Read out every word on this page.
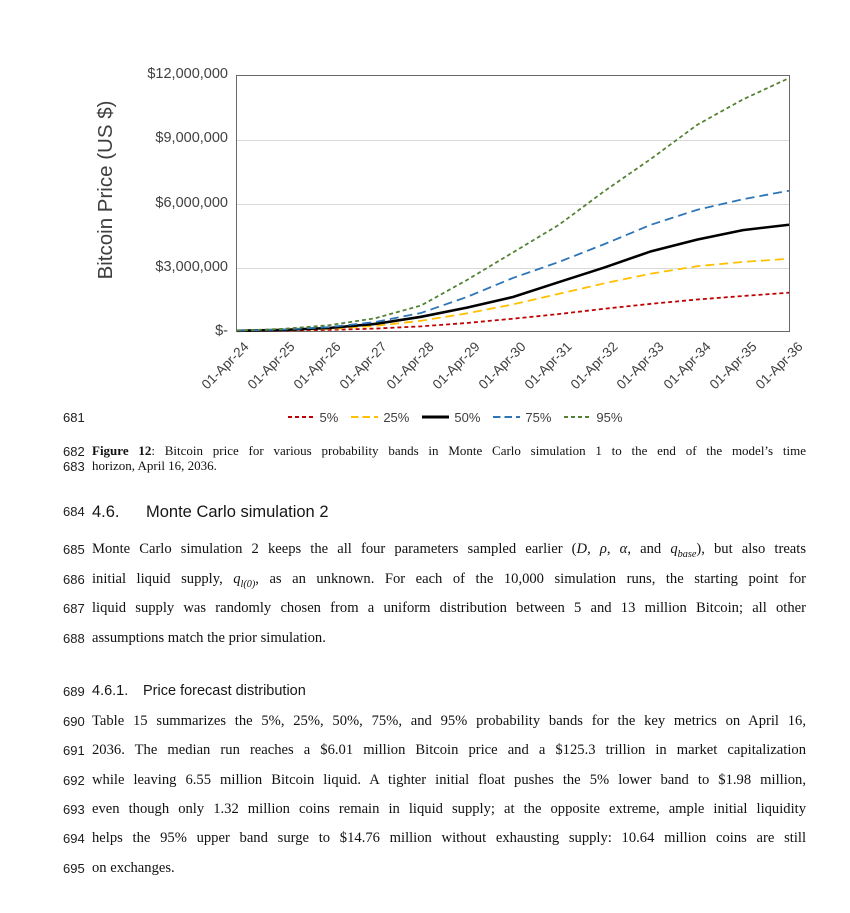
Bitcoin Price (US $)
$12,000,000
$9,000,000
$6,000,000
$3,000,000
$-
01-Apr-24
01-Apr-25
01-Apr-26
01-Apr-27
01-Apr-28
01-Apr-29
01-Apr-30
01-Apr-31
01-Apr-32
01-Apr-33
01-Apr-34
01-Apr-35
01-Apr-36
5%	25%	50%	75%	95%
681
682 Figure 12: Bitcoin price for various probability bands in Monte Carlo simulation 1 to the end of the model’s time
683 horizon, April 16, 2036.
684 4.6. Monte Carlo simulation 2
685 Monte Carlo simulation 2 keeps the all four parameters sampled earlier (D, ρ, α, and $q_{base}$), but also treats
686 initial liquid supply, $q_{l(0)}$, as an unknown. For each of the 10,000 simulation runs, the starting point for
687 liquid supply was randomly chosen from a uniform distribution between 5 and 13 million Bitcoin; all other
688 assumptions match the prior simulation.
689 4.6.1. Price forecast distribution
690 Table 15 summarizes the 5%, 25%, 50%, 75%, and 95% probability bands for the key metrics on April 16,
691 2036. The median run reaches a $6.01 million Bitcoin price and a $125.3 trillion in market capitalization
692 while leaving 6.55 million Bitcoin liquid. A tighter initial float pushes the 5% lower band to $1.98 million,
693 even though only 1.32 million coins remain in liquid supply; at the opposite extreme, ample initial liquidity
694 helps the 95% upper band surge to $14.76 million without exhausting supply: 10.64 million coins are still
695 on exchanges.
